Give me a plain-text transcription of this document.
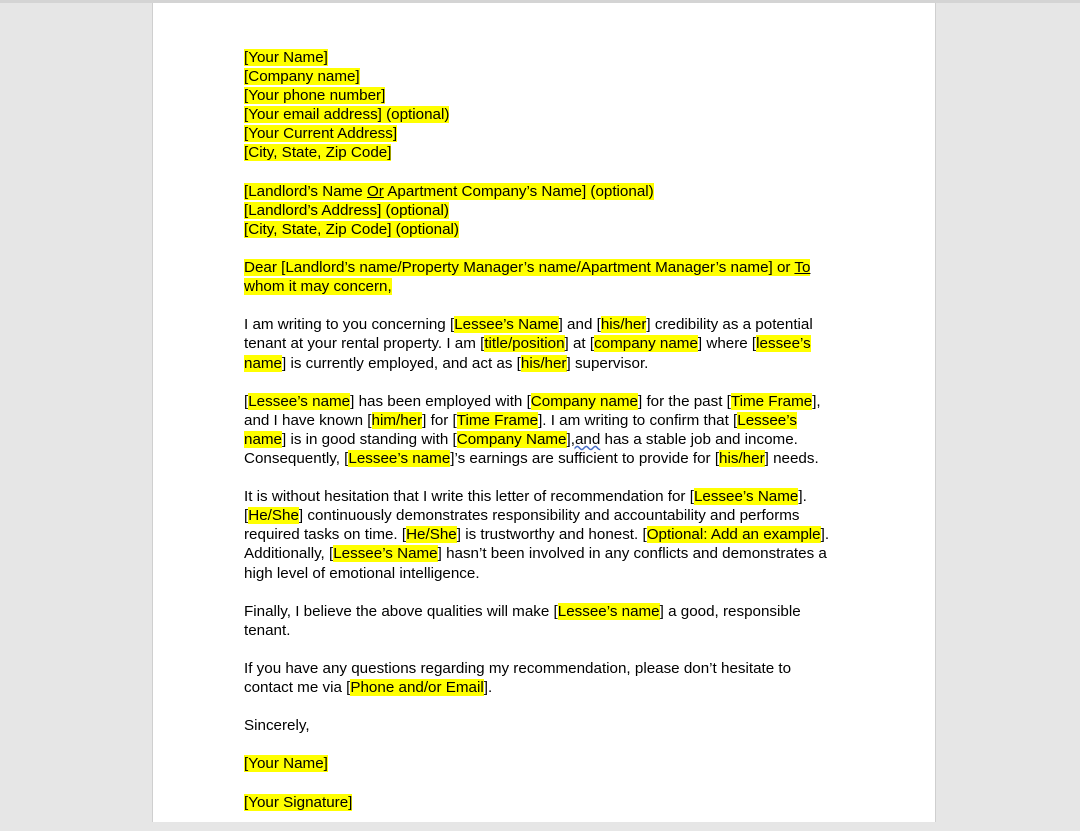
[Your Name]
[Company name]
[Your phone number]
[Your email address] (optional)
[Your Current Address]
[City, State, Zip Code]
[Landlord’s Name Or Apartment Company’s Name] (optional)
[Landlord’s Address] (optional)
[City, State, Zip Code] (optional)
Dear [Landlord’s name/Property Manager’s name/Apartment Manager’s name] or To
whom it may concern,
I am writing to you concerning [Lessee’s Name] and [his/her] credibility as a potential
tenant at your rental property. I am [title/position] at [company name] where [lessee’s
name] is currently employed, and act as [his/her] supervisor.
[Lessee’s name] has been employed with [Company name] for the past [Time Frame],
and I have known [him/her] for [Time Frame]. I am writing to confirm that [Lessee’s
name] is in good standing with [Company Name],and has a stable job and income.
Consequently, [Lessee’s name]’s earnings are sufficient to provide for [his/her] needs.
It is without hesitation that I write this letter of recommendation for [Lessee’s Name].
[He/She] continuously demonstrates responsibility and accountability and performs
required tasks on time. [He/She] is trustworthy and honest. [Optional: Add an example].
Additionally, [Lessee’s Name] hasn’t been involved in any conflicts and demonstrates a
high level of emotional intelligence.
Finally, I believe the above qualities will make [Lessee’s name] a good, responsible
tenant.
If you have any questions regarding my recommendation, please don’t hesitate to
contact me via [Phone and/or Email].
Sincerely,
[Your Name]
[Your Signature]
